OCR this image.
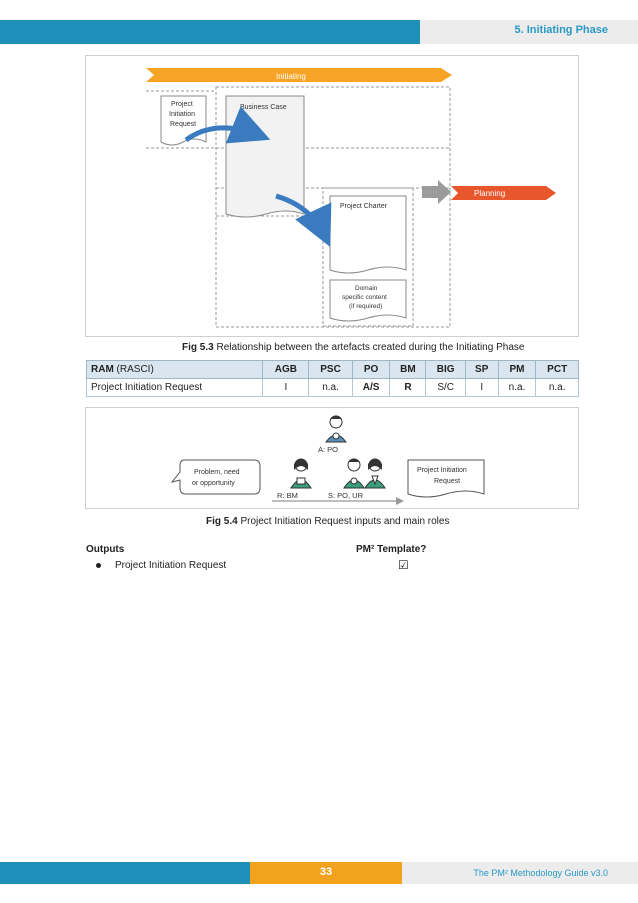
5. Initiating Phase
Initiating
Project
Initiation
Request
Business Case
Project Charter
Domain
specific content
(if required)
Planning
Fig 5.3 Relationship between the artefacts created during the Initiating Phase
RAM (RASCI)	AGB	PSC	PO	BM	BIG	SP	PM	PCT
Project Initiation Request	I	n.a.	A/S	R	S/C	I	n.a.	n.a.
Problem, need
or opportunity
Project Initiation
Request
A: PO
R: BM	S: PO, UR
Fig 5.4 Project Initiation Request inputs and main roles
Outputs	PM² Template?
Project Initiation Request	☑
33	The PM² Methodology Guide v3.0
